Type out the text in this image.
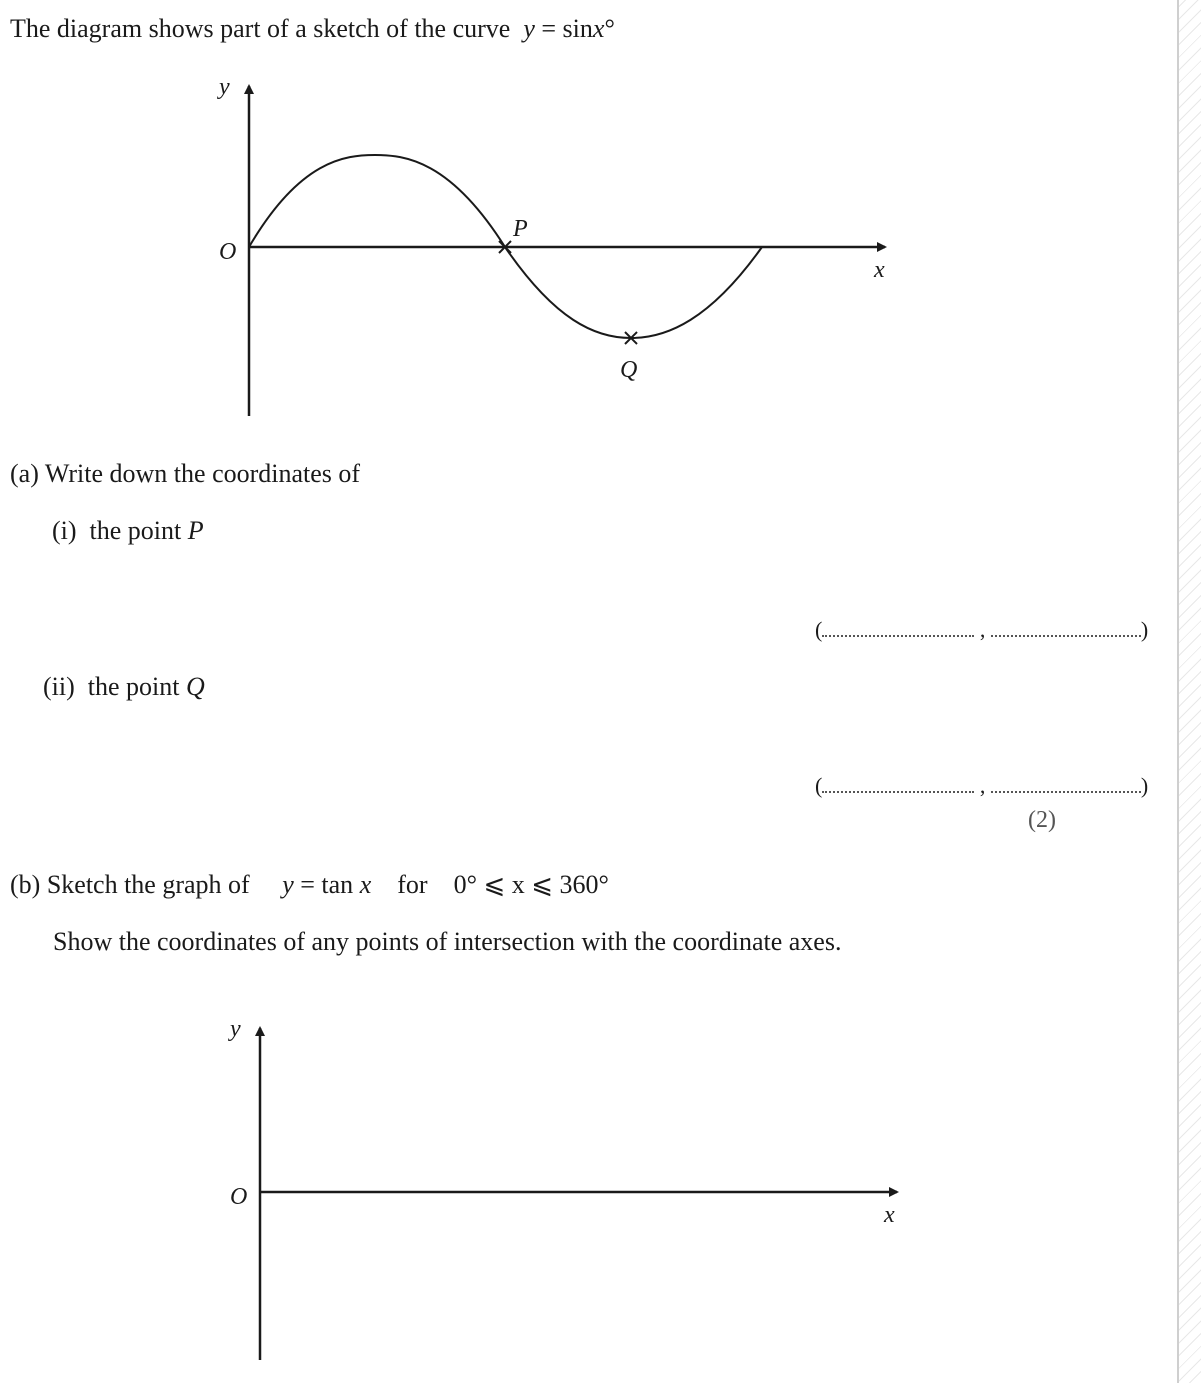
The diagram shows part of a sketch of the curve y = sinx°
y
x
O
P
Q
y
x
O
(a) Write down the coordinates of
(i) the point P
(	,	)
(ii) the point Q
(	,	)
(2)
(b) Sketch the graph of y = tan x for 0° ⩽ x ⩽ 360°
Show the coordinates of any points of intersection with the coordinate axes.
